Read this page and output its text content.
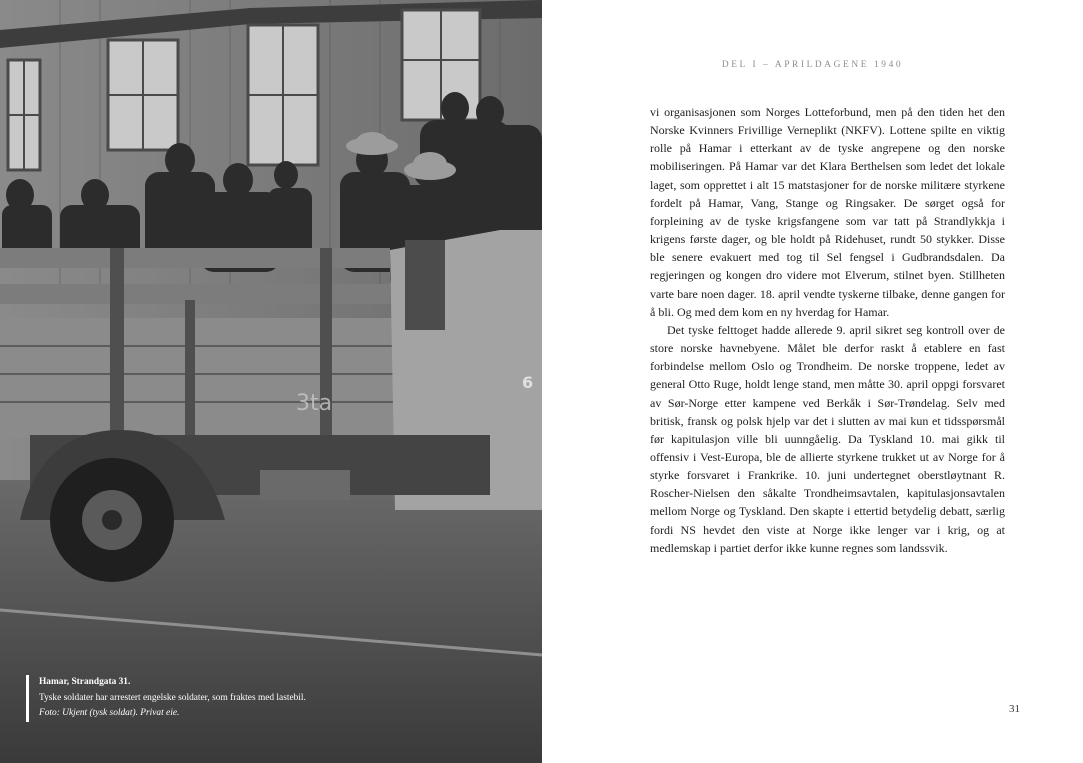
3ta
6
Hamar, Strandgata 31.
Tyske soldater har arrestert engelske soldater, som fraktes med lastebil.
Foto: Ukjent (tysk soldat). Privat eie.
DEL I – APRILDAGENE 1940

vi organisasjonen som Norges Lotteforbund, men på den tiden het den Norske Kvinners Frivillige Verneplikt (NKFV). Lottene spilte en viktig rolle på Hamar i etterkant av de tyske angrepene og den norske mobiliseringen. På Hamar var det Klara Berthelsen som ledet det lokale laget, som opprettet i alt 15 matstasjoner for de norske militære styrkene fordelt på Hamar, Vang, Stange og Ringsaker. De sørget også for forpleining av de tyske krigsfangene som var tatt på Strandlykkja i krigens første dager, og ble holdt på Ridehuset, rundt 50 stykker. Disse ble senere evakuert med tog til Sel fengsel i Gudbrandsdalen. Da regjeringen og kongen dro videre mot Elverum, stilnet byen. Stillheten varte bare noen dager. 18. april vendte tyskerne tilbake, denne gangen for å bli. Og med dem kom en ny hverdag for Hamar.

Det tyske felttoget hadde allerede 9. april sikret seg kontroll over de store norske havnebyene. Målet ble derfor raskt å etablere en fast forbindelse mellom Oslo og Trondheim. De norske troppene, ledet av general Otto Ruge, holdt lenge stand, men måtte 30. april oppgi forsvaret av Sør-Norge etter kampene ved Berkåk i Sør-Trøndelag. Selv med britisk, fransk og polsk hjelp var det i slutten av mai kun et tidsspørsmål før kapitulasjon ville bli uunngåelig. Da Tyskland 10. mai gikk til offensiv i Vest-Europa, ble de allierte styrkene trukket ut av Norge for å styrke forsvaret i Frankrike. 10. juni undertegnet oberstløytnant R. Roscher-Nielsen den såkalte Trondheimsavtalen, kapitulasjonsavtalen mellom Norge og Tyskland. Den skapte i ettertid betydelig debatt, særlig fordi NS hevdet den viste at Norge ikke lenger var i krig, og at medlemskap i partiet derfor ikke kunne regnes som landssvik.

31
